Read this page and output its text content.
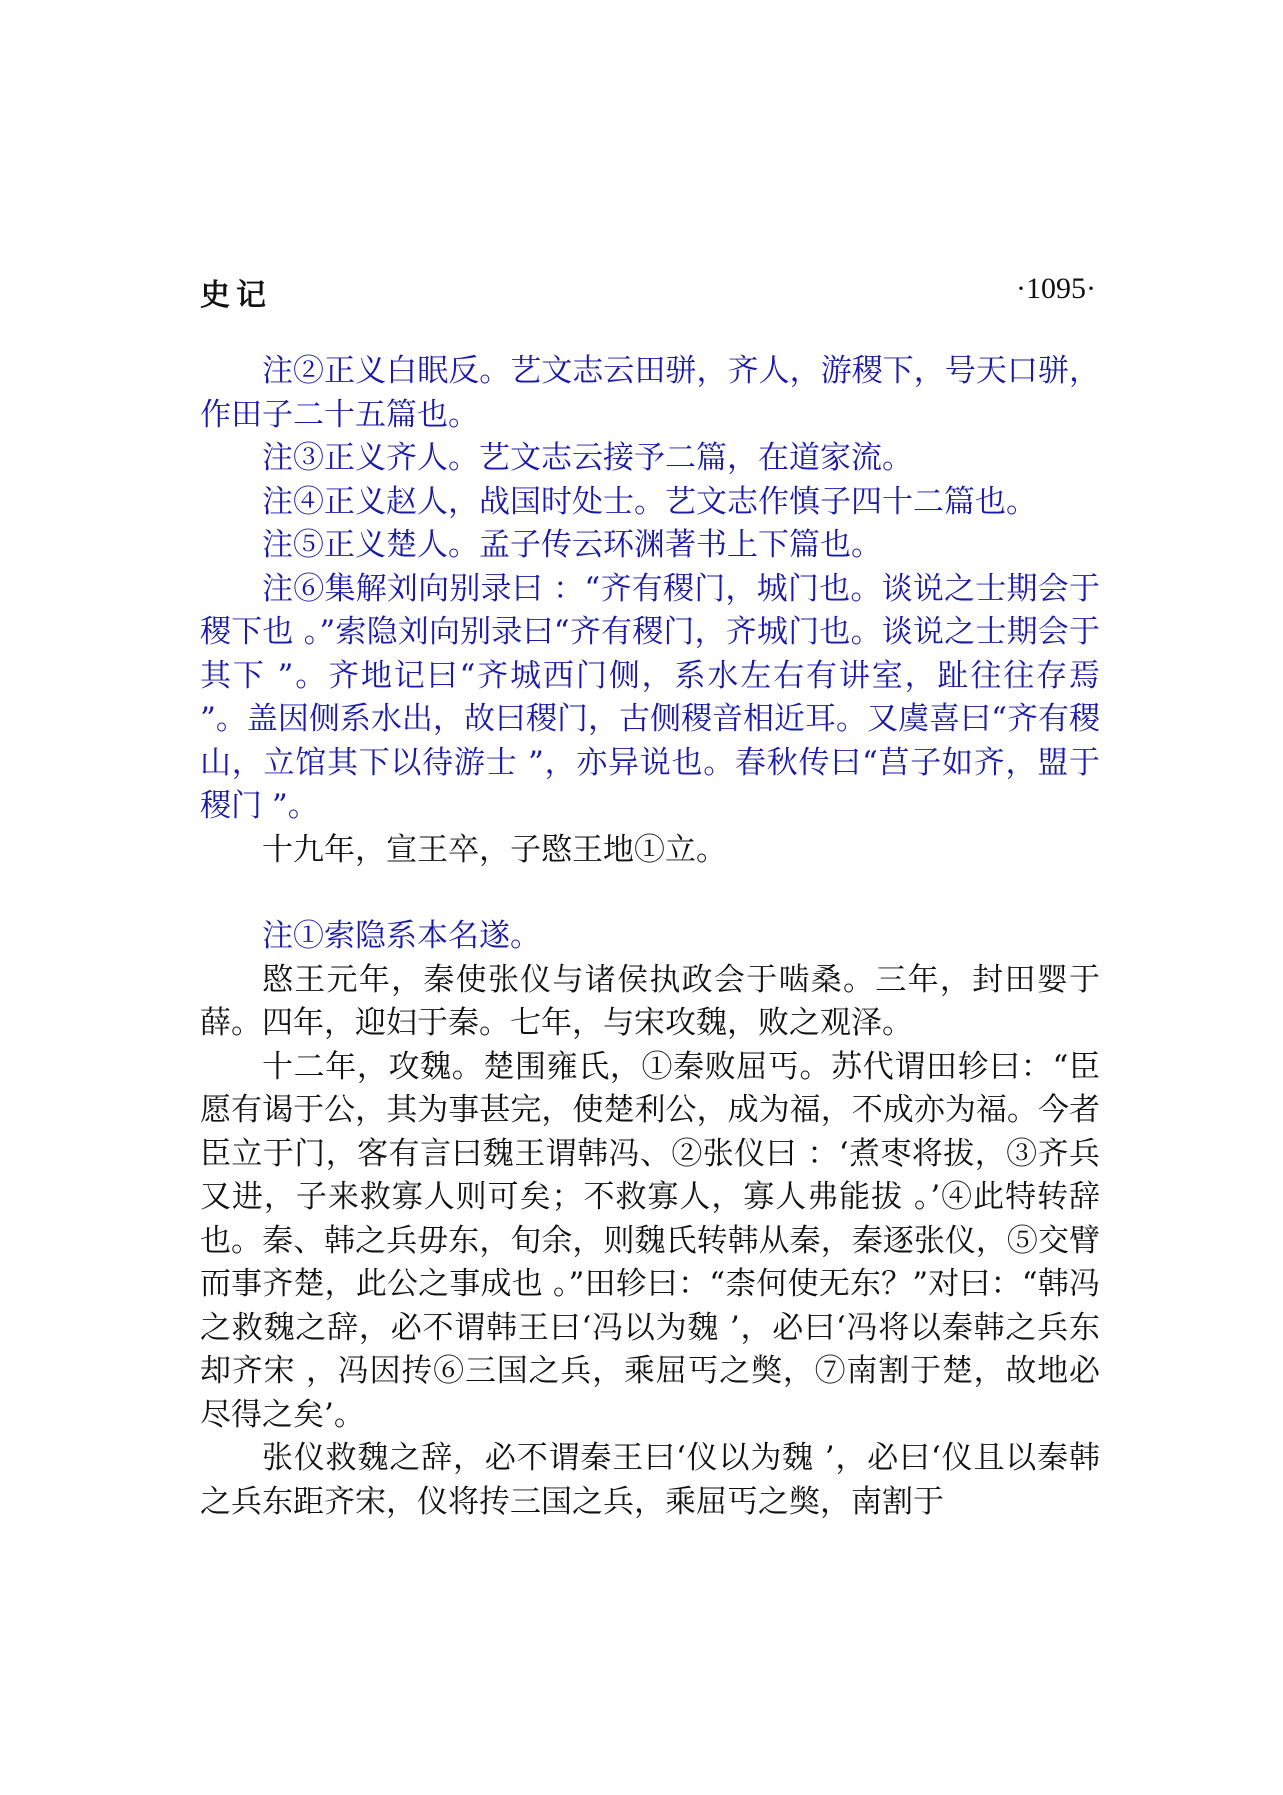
史记	·1095·

注②正义白眠反。艺文志云田骈，齐人，游稷下，号天口骈，作田子二十五篇也。

注③正义齐人。艺文志云接予二篇，在道家流。

注④正义赵人，战国时处士。艺文志作慎子四十二篇也。

注⑤正义楚人。孟子传云环渊著书上下篇也。

注⑥集解刘向别录曰 ：“齐有稷门，城门也。谈说之士期会于稷下也 。”索隐刘向别录曰“齐有稷门，齐城门也。谈说之士期会于其下 ”。齐地记曰“齐城西门侧，系水左右有讲室，趾往往存焉 ”。盖因侧系水出，故曰稷门，古侧稷音相近耳。又虞喜曰“齐有稷山，立馆其下以待游士 ”，亦异说也。春秋传曰“莒子如齐，盟于稷门 ”。

十九年，宣王卒，子愍王地①立。

注①索隐系本名遂。

愍王元年，秦使张仪与诸侯执政会于啮桑。三年，封田婴于薛。四年，迎妇于秦。七年，与宋攻魏，败之观泽。

十二年，攻魏。楚围雍氏，①秦败屈丐。苏代谓田轸曰：“臣愿有谒于公，其为事甚完，使楚利公，成为福，不成亦为福。今者臣立于门，客有言曰魏王谓韩冯、②张仪曰 ：‘煮枣将拔，③齐兵又进，子来救寡人则可矣；不救寡人，寡人弗能拔 。’④此特转辞也。秦、韩之兵毋东，旬余，则魏氏转韩从秦，秦逐张仪，⑤交臂而事齐楚，此公之事成也 。”田轸曰：“柰何使无东？”对曰：“韩冯之救魏之辞，必不谓韩王曰‘冯以为魏 ’，必曰‘冯将以秦韩之兵东却齐宋 ，冯因抟⑥三国之兵，乘屈丐之獘，⑦南割于楚，故地必尽得之矣’。

张仪救魏之辞，必不谓秦王曰‘仪以为魏 ’，必曰‘仪且以秦韩之兵东距齐宋，仪将抟三国之兵，乘屈丐之獘，南割于
